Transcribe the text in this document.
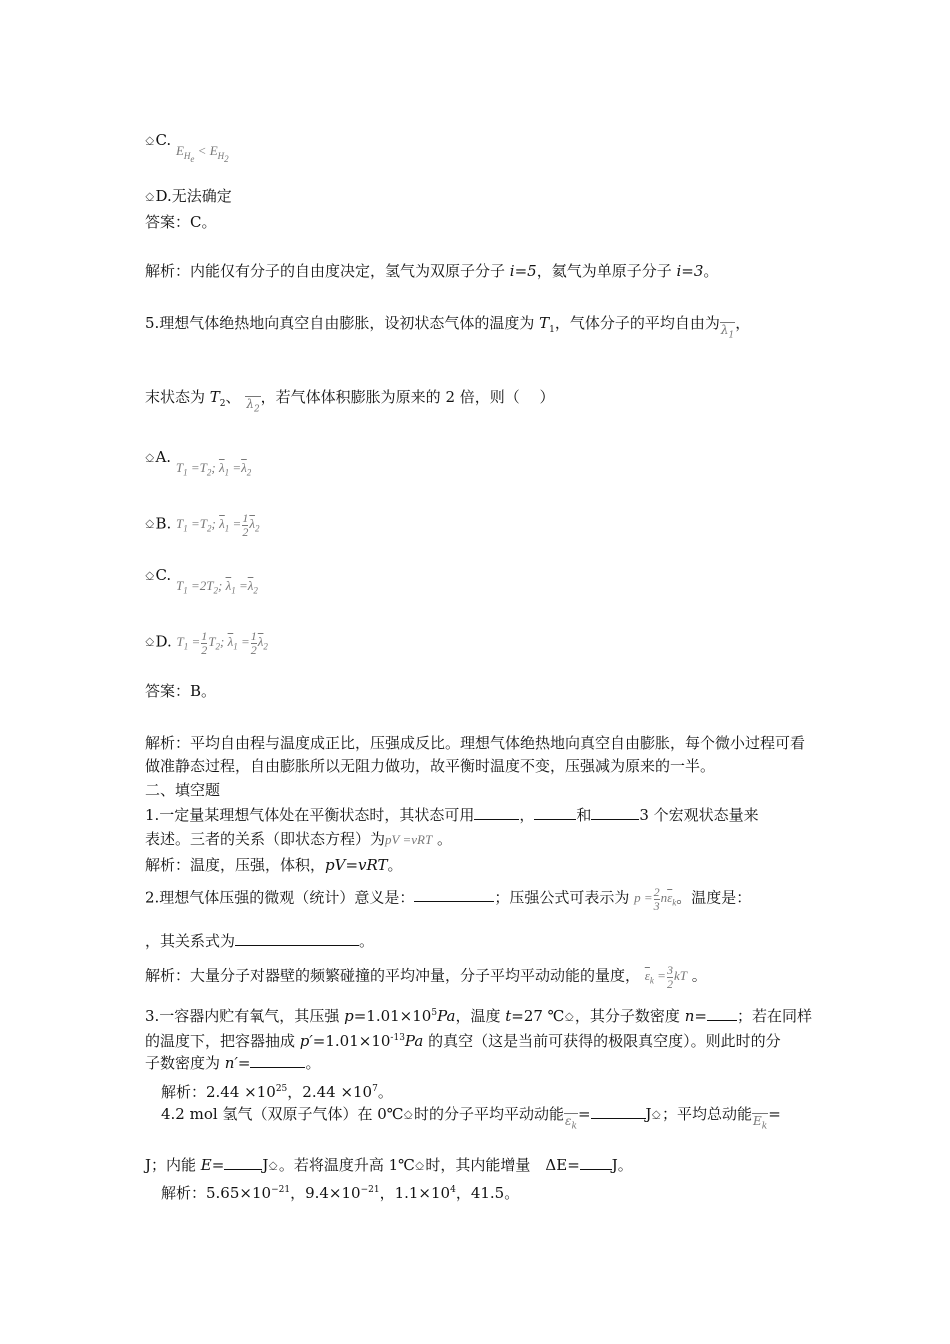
⎐C. $E_{H_e} < E_{H_2}$
⎐D.无法确定
答案：C。
解析：内能仅有分子的自由度决定，氢气为双原子分子 i=5，氦气为单原子分子 i=3。
5.理想气体绝热地向真空自由膨胀，设初状态气体的温度为 $T_1$，气体分子的平均自由为$\lambda_1$，
末状态为 $T_2$、 $\lambda_2$，若气体体积膨胀为原来的 2 倍，则（　 ）
⎐A. $T_1 =T_2$; $\overline{\lambda}_1 =\overline{\lambda}_2$
⎐B. $T_1 =T_2$; $\overline{\lambda}_1 = \frac{1}{2} \overline{\lambda}_2$
⎐C. $T_1 =2T_2$; $\overline{\lambda}_1 =\overline{\lambda}_2$
⎐D. $T_1 = \frac{1}{2} T_2$; $\overline{\lambda}_1 = \frac{1}{2} \overline{\lambda}_2$
答案：B。
解析：平均自由程与温度成正比，压强成反比。理想气体绝热地向真空自由膨胀，每个微小过程可看做准静态过程，自由膨胀所以无阻力做功，故平衡时温度不变，压强减为原来的一半。
二、填空题
1.一定量某理想气体处在平衡状态时，其状态可用	，	和	3 个宏观状态量来
表述。三者的关系（即状态方程）为pV =vRT 。
解析：温度，压强，体积，pV=vRT。
2.理想气体压强的微观（统计）意义是：	；压强公式可表示为 $p = \frac{2}{3} n\overline{\varepsilon}_k$。温度是：
，其关系式为	。
解析：大量分子对器壁的频繁碰撞的平均冲量，分子平均平动动能的量度， $\overline{\varepsilon}_k = \frac{3}{2}$ kT 。
3.一容器内贮有氧气，其压强 $p=1.01\times 10^5Pa$，温度 t=27 ℃⎐，其分子数密度 n= ；若在同样
的温度下，把容器抽成 $p'=1.01\times 10^{-13}Pa$ 的真空（这是当前可获得的极限真空度）。则此时的分
子数密度为 n′=	。
解析：$2.44 \times 10^{25}$，$2.44 \times 10^7$。
4.2 mol 氢气（双原子气体）在 0℃⎐时的分子平均平动动能$\varepsilon_k=$	J⎐；平均总动能$E_k=$
J；内能 E=	J⎐。若将温度升高 1℃⎐时，其内能增量　ΔE= J。
解析：$5.65\times 10^{-21}$，$9.4\times 10^{-21}$，$1.1\times 10^4$，41.5。
